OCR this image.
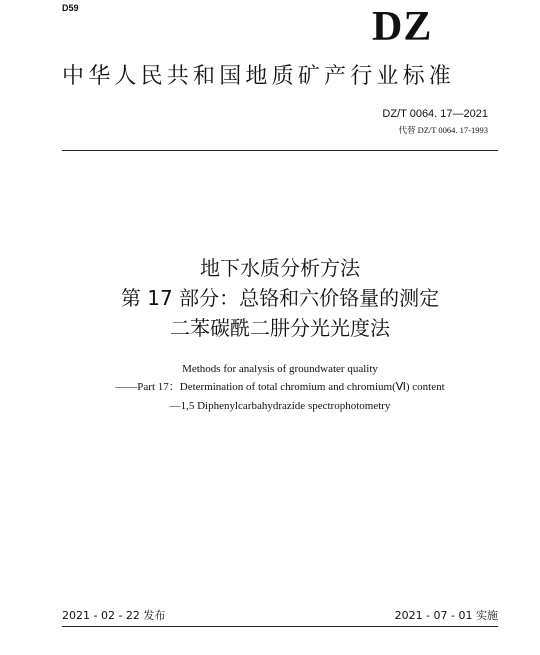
D59	DZ
中华人民共和国地质矿产行业标准
DZ/T 0064. 17—2021
代替 DZ/T 0064. 17-1993
地下水质分析方法
第 17 部分：总铬和六价铬量的测定
二苯碳酰二肼分光光度法
Methods for analysis of groundwater quality
——Part 17：Determination of total chromium and chromium(Ⅵ) content
—1,5 Diphenylcarbahydrazide spectrophotometry
2021 - 02 - 22 发布	2021 - 07 - 01 实施
